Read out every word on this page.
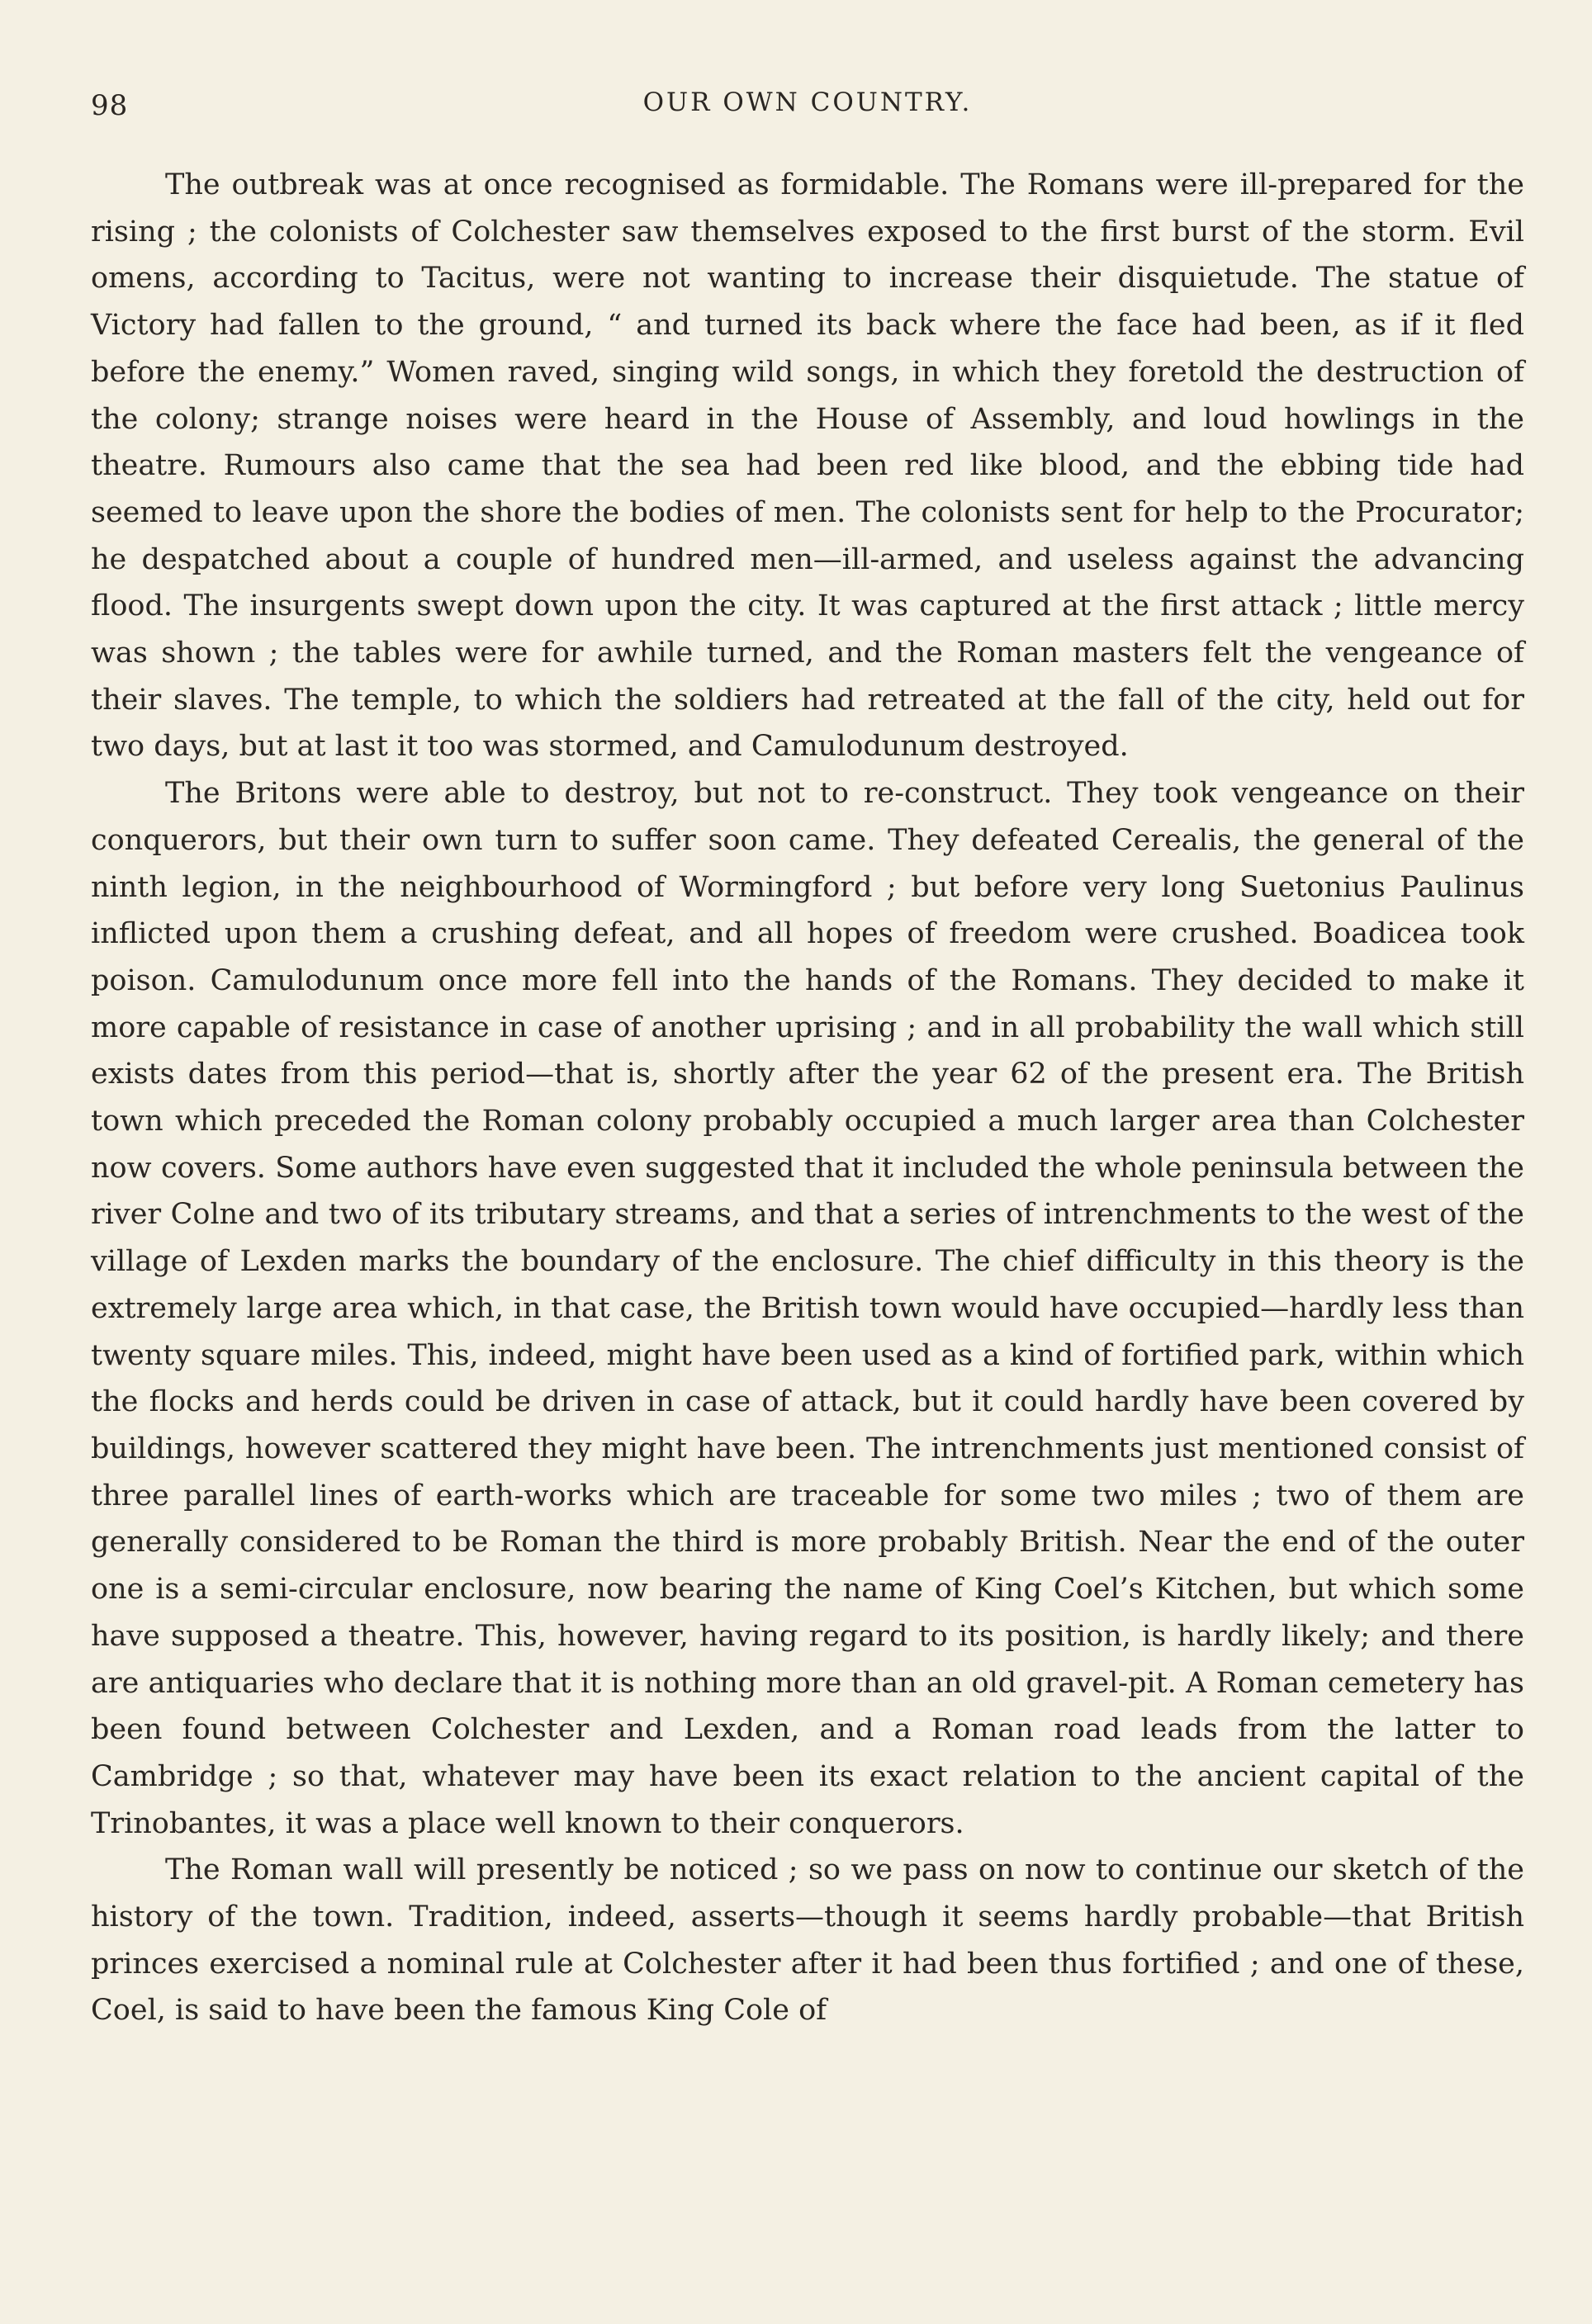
98	OUR OWN COUNTRY.

The outbreak was at once recognised as formidable. The Romans were ill-prepared for the rising ; the colonists of Colchester saw themselves exposed to the first burst of the storm. Evil omens, according to Tacitus, were not wanting to increase their disquietude. The statue of Victory had fallen to the ground, “ and turned its back where the face had been, as if it fled before the enemy.” Women raved, singing wild songs, in which they foretold the destruction of the colony; strange noises were heard in the House of Assembly, and loud howlings in the theatre. Rumours also came that the sea had been red like blood, and the ebbing tide had seemed to leave upon the shore the bodies of men. The colonists sent for help to the Procurator; he despatched about a couple of hundred men—ill-armed, and useless against the advancing flood. The insurgents swept down upon the city. It was captured at the first attack ; little mercy was shown ; the tables were for awhile turned, and the Roman masters felt the vengeance of their slaves. The temple, to which the soldiers had retreated at the fall of the city, held out for two days, but at last it too was stormed, and Camulodunum destroyed.

The Britons were able to destroy, but not to re-construct. They took vengeance on their conquerors, but their own turn to suffer soon came. They defeated Cerealis, the general of the ninth legion, in the neighbourhood of Wormingford ; but before very long Suetonius Paulinus inflicted upon them a crushing defeat, and all hopes of freedom were crushed. Boadicea took poison. Camulodunum once more fell into the hands of the Romans. They decided to make it more capable of resistance in case of another uprising ; and in all probability the wall which still exists dates from this period—that is, shortly after the year 62 of the present era. The British town which preceded the Roman colony probably occupied a much larger area than Colchester now covers. Some authors have even suggested that it included the whole peninsula between the river Colne and two of its tributary streams, and that a series of intrenchments to the west of the village of Lexden marks the boundary of the enclosure. The chief difficulty in this theory is the extremely large area which, in that case, the British town would have occupied—hardly less than twenty square miles. This, indeed, might have been used as a kind of fortified park, within which the flocks and herds could be driven in case of attack, but it could hardly have been covered by buildings, however scattered they might have been. The intrenchments just mentioned consist of three parallel lines of earth-works which are traceable for some two miles ; two of them are generally considered to be Roman the third is more probably British. Near the end of the outer one is a semi-circular enclosure, now bearing the name of King Coel’s Kitchen, but which some have supposed a theatre. This, however, having regard to its position, is hardly likely; and there are antiquaries who declare that it is nothing more than an old gravel-pit. A Roman cemetery has been found between Colchester and Lexden, and a Roman road leads from the latter to Cambridge ; so that, whatever may have been its exact relation to the ancient capital of the Trinobantes, it was a place well known to their conquerors.

The Roman wall will presently be noticed ; so we pass on now to continue our sketch of the history of the town. Tradition, indeed, asserts—though it seems hardly probable—that British princes exercised a nominal rule at Colchester after it had been thus fortified ; and one of these, Coel, is said to have been the famous King Cole of
